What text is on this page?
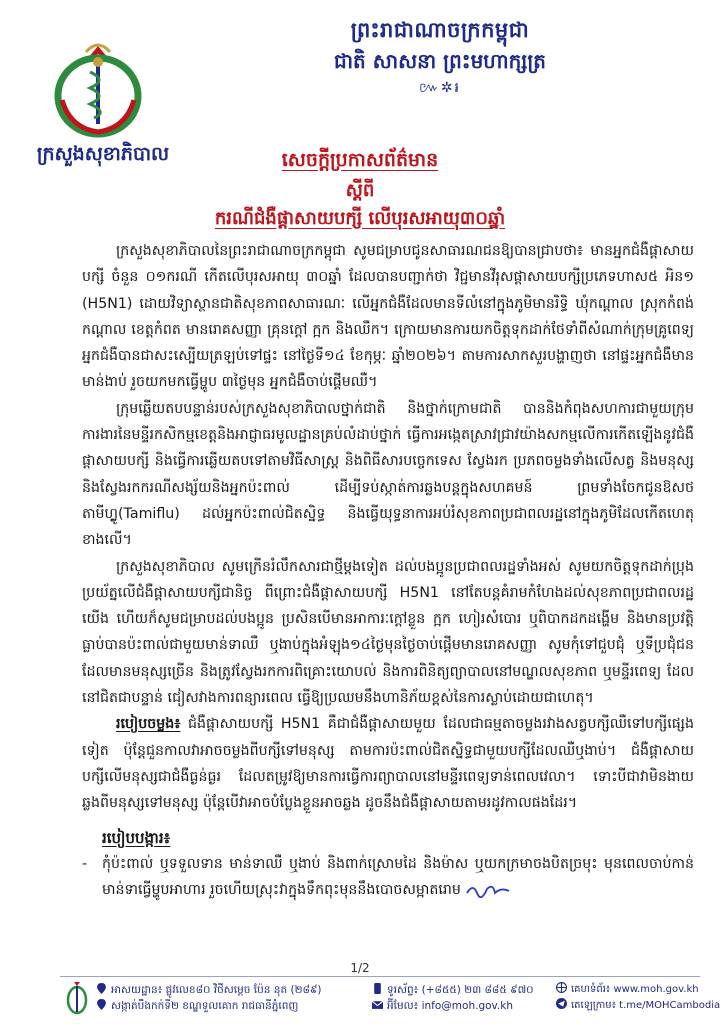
ព្រះរាជាណាចក្រកម្ពុជា
ជាតិ សាសនា ព្រះមហាក្សត្រ
៚✲៛
ក្រសួងសុខាភិបាល	សេចក្តីប្រកាសព័ត៌មាន
ស្តីពី
ករណីជំងឺផ្តាសាយបក្សី លើបុរសអាយុ៣០ឆ្នាំ

ក្រសួងសុខាភិបាលនៃព្រះរាជាណាចក្រកម្ពុជា សូមជម្រាបជូនសាធារណជនឱ្យបានជ្រាបថា៖ មានអ្នកជំងឺផ្តាសាយបក្សី ចំនួន ០១ករណី កើតលើបុរសអាយុ ៣០ឆ្នាំ ដែលបានបញ្ជាក់ថា វិជ្ជមានវីរុសផ្តាសាយបក្សីប្រភេទហាស៥ អិន១ (H5N1) ដោយវិទ្យាស្ថានជាតិសុខភាពសាធារណៈ លើអ្នកជំងឺដែលមានទីលំនៅក្នុងភូមិមានរិទ្ធិ ឃុំកណ្តាល ស្រុកកំពង់កណ្តាល ខេត្តកំពត មានរោគសញ្ញា គ្រុនក្តៅ ក្អក និងឈឺក។ ក្រោយមានការយកចិត្តទុកដាក់ថែទាំពីសំណាក់ក្រុមគ្រូពេទ្យ អ្នកជំងឺបានជាសះស្បើយត្រឡប់ទៅផ្ទះ នៅថ្ងៃទី១៤ ខែកុម្ភៈ ឆ្នាំ២០២៦។ តាមការសាកសួរបង្ហាញថា នៅផ្ទះអ្នកជំងឺមានមាន់ងាប់ រួចយកមកធ្វើម្ហូប ៣ថ្ងៃមុន អ្នកជំងឺចាប់ផ្តើមឈឺ។

ក្រុមឆ្លើយតបបន្ទាន់របស់ក្រសួងសុខាភិបាលថ្នាក់ជាតិ និងថ្នាក់ក្រោមជាតិ បាននិងកំពុងសហការជាមួយក្រុមការងារនៃមន្ទីរកសិកម្មខេត្តនិងអាជ្ញាធរមូលដ្ឋានគ្រប់លំដាប់ថ្នាក់ ធ្វើការអង្កេតស្រាវជ្រាវយ៉ាងសកម្មលើការកើតឡើងនូវជំងឺផ្តាសាយបក្សី និងធ្វើការឆ្លើយតបទៅតាមវិធីសាស្ត្រ និងពិធីសារបច្ចេកទេស ស្វែងរក ប្រភពចម្លងទាំងលើសត្វ និងមនុស្ស និងស្វែងរកករណីសង្ស័យនិងអ្នកប៉ះពាល់ ដើម្បីទប់ស្កាត់ការឆ្លងបន្តក្នុងសហគមន៍ ព្រមទាំងចែកជូនឱសថតាមីហ្វ្លូ(Tamiflu) ដល់អ្នកប៉ះពាល់ជិតស្និទ្ធ និងធ្វើយុទ្ធនាការអប់រំសុខភាពប្រជាពលរដ្ឋនៅក្នុងភូមិដែលកើតហេតុខាងលើ។

ក្រសួងសុខាភិបាល សូមក្រើនរំលឹកសារជាថ្មីម្តងទៀត ដល់បងប្អូនប្រជាពលរដ្ឋទាំងអស់ សូមយកចិត្តទុកដាក់ប្រុងប្រយ័ត្នលើជំងឺផ្តាសាយបក្សីជានិច្ច ពីព្រោះជំងឺផ្តាសាយបក្សី H5N1 នៅតែបន្តគំរាមកំហែងដល់សុខភាពប្រជាពលរដ្ឋយើង ហើយក៏សូមជម្រាបដល់បងប្អូន ប្រសិនបើមានអាការៈក្តៅខ្លួន ក្អក ហៀរសំបោរ ឬពិបាកដកដង្ហើម និងមានប្រវត្តិធ្លាប់បានប៉ះពាល់ជាមួយមាន់ទាឈឺ ឬងាប់ក្នុងអំឡុង១៤ថ្ងៃមុនថ្ងៃចាប់ផ្តើមមានរោគសញ្ញា សូមកុំទៅជួបជុំ ឬទីប្រជុំជនដែលមានមនុស្សច្រើន និងត្រូវស្វែងរកការពិគ្រោះយោបល់ និងការពិនិត្យព្យាបាលនៅមណ្ឌលសុខភាព ឬមន្ទីរពេទ្យ ដែលនៅជិតជាបន្ទាន់ ជៀសវាងការពន្យារពេល ធ្វើឱ្យប្រឈមនឹងហានិភ័យខ្ពស់នៃការស្លាប់ដោយជាហេតុ។

របៀបចម្លង៖ ជំងឺផ្តាសាយបក្សី H5N1 គឺជាជំងឺផ្តាសាយមួយ ដែលជាធម្មតាចម្លងរវាងសត្វបក្សីឈឺទៅបក្សីផ្សេងទៀត ប៉ុន្តែជួនកាលវាអាចចម្លងពីបក្សីទៅមនុស្ស តាមការប៉ះពាល់ជិតស្និទ្ធជាមួយបក្សីដែលឈឺឬងាប់។ ជំងឺផ្តាសាយបក្សីលើមនុស្សជាជំងឺធ្ងន់ធ្ងរ ដែលតម្រូវឱ្យមានការធ្វើការព្យាបាលនៅមន្ទីរពេទ្យទាន់ពេលវេលា។ ទោះបីជាវាមិនងាយឆ្លងពីមនុស្សទៅមនុស្ស ប៉ុន្តែបើវាអាចបំប្លែងខ្លួនអាចឆ្លង ដូចនឹងជំងឺផ្តាសាយតាមរដូវកាលផងដែរ។

របៀបបង្ការ៖

-	កុំប៉ះពាល់ ឬទទួលទាន មាន់ទាឈឺ ឬងាប់ និងពាក់ស្រោមដៃ និងម៉ាស ឬយកក្រមាចងបិតច្រមុះ មុនពេលចាប់កាន់មាន់ទាធ្វើម្ហូបអាហារ រួចហើយស្រុះវាក្នុងទឹកពុះមុននឹងបោចសម្អាតរោម

1/2
អាសយដ្ឋាន៖ ផ្លូវលេខ៨០ វិថីសម្តេច ប៉ែន នុត (២៨៩)
សង្កាត់បឹងកក់ទី២ ខណ្ឌទួលគោក រាជធានីភ្នំពេញ
ទូរស័ព្ទ៖ (+៨៥៥) ២៣ ៨៨៥ ៩៧០
អ៊ីមែល៖ info@moh.gov.kh
គេហទំព័រ៖ www.moh.gov.kh
តេឡេក្រាម៖ t.me/MOHCambodia
